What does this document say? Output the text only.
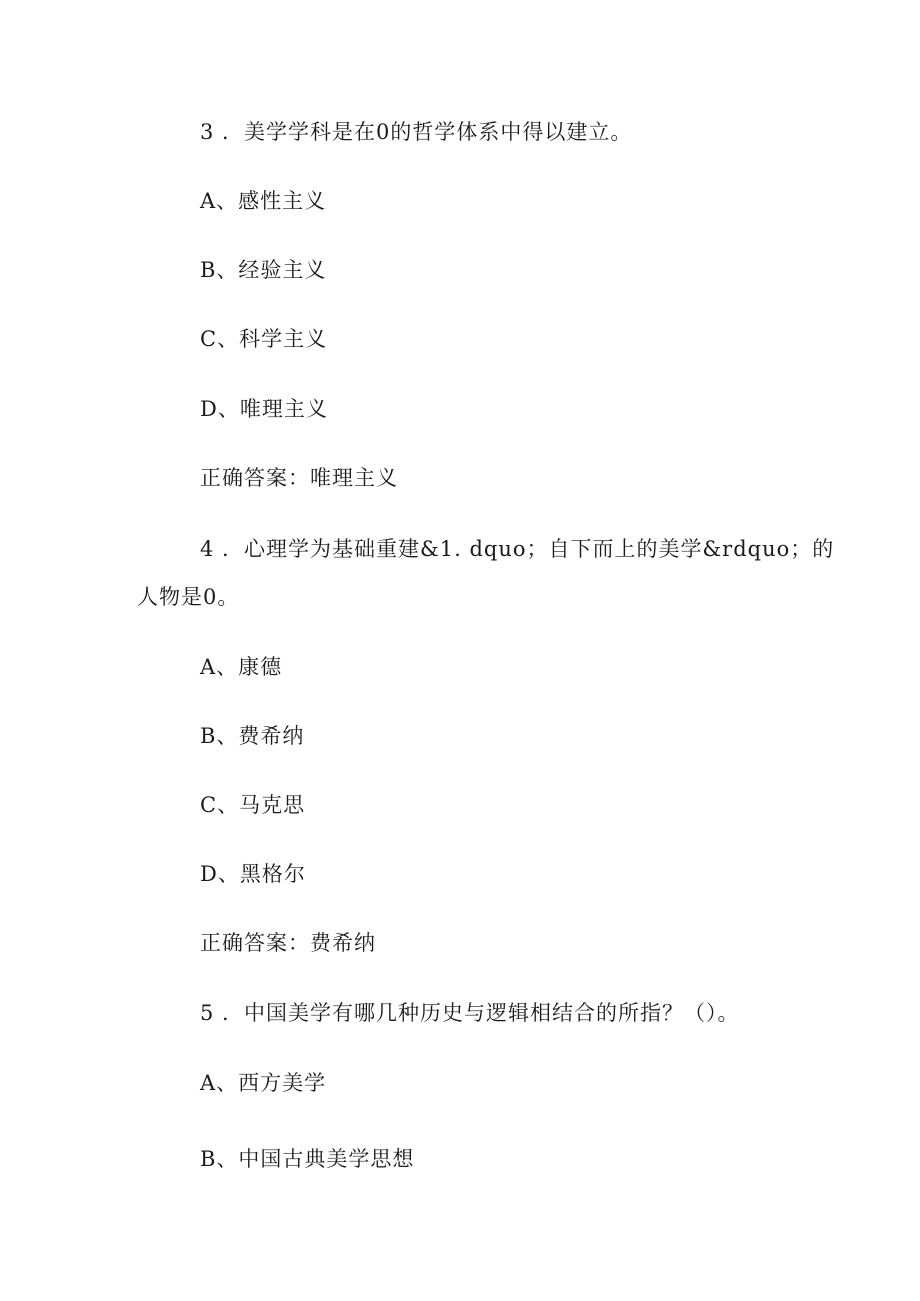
3 ．美学学科是在0的哲学体系中得以建立。
A、感性主义
B、经验主义
C、科学主义
D、唯理主义
正确答案：唯理主义
4 ．心理学为基础重建&1. dquo；自下而上的美学&rdquo；的
人物是0。
A、康德
B、费希纳
C、马克思
D、黑格尔
正确答案：费希纳
5 ．中国美学有哪几种历史与逻辑相结合的所指？（）。
A、西方美学
B、中国古典美学思想
